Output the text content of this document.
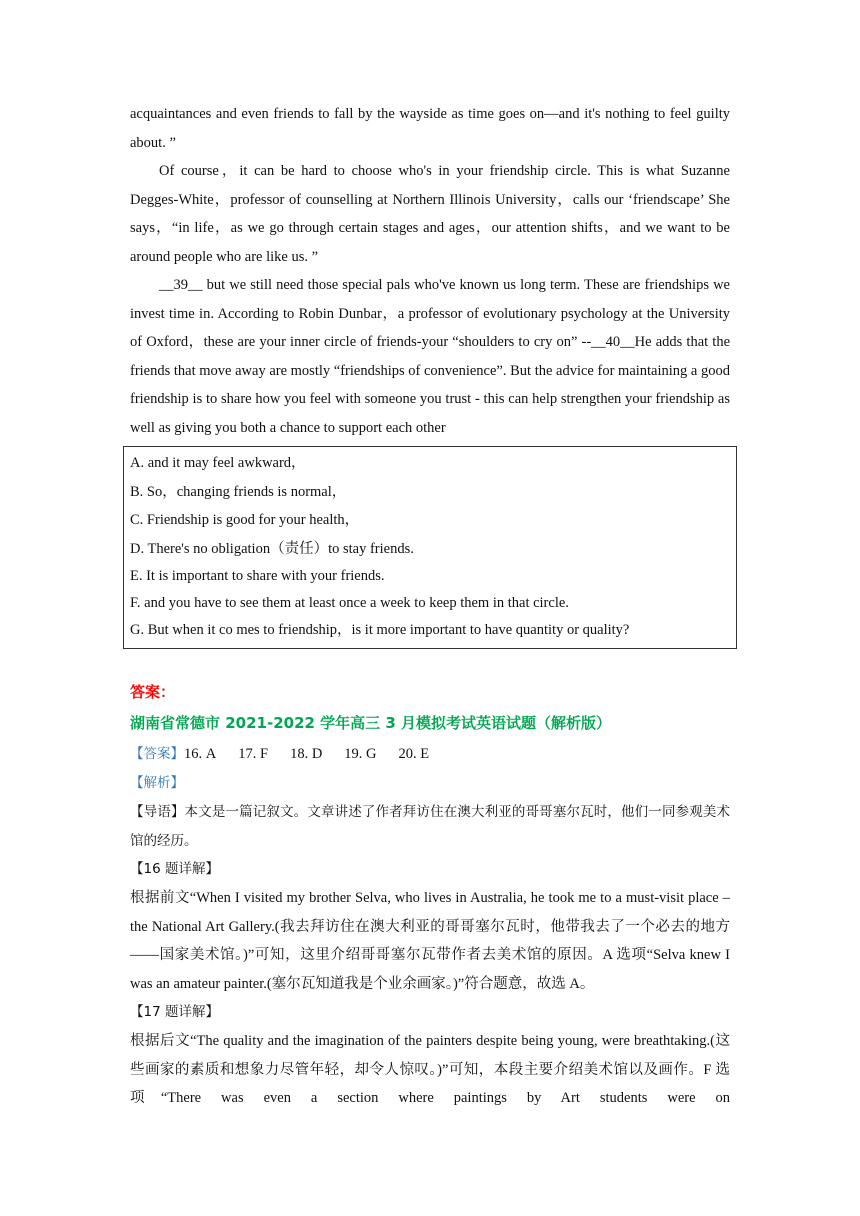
acquaintances and even friends to fall by the wayside as time goes on—and it's nothing to feel guilty about. ”

Of course，it can be hard to choose who's in your friendship circle. This is what Suzanne Degges-White，professor of counselling at Northern Illinois University，calls our ‘friendscape’ She says，“in life，as we go through certain stages and ages，our attention shifts，and we want to be around people who are like us. ”

__39__ but we still need those special pals who've known us long term. These are friendships we invest time in. According to Robin Dunbar，a professor of evolutionary psychology at the University of Oxford，these are your inner circle of friends-your “shoulders to cry on” --__40__He adds that the friends that move away are mostly “friendships of convenience”. But the advice for maintaining a good friendship is to share how you feel with someone you trust - this can help strengthen your friendship as well as giving you both a chance to support each other

A. and it may feel awkward，
B. So，changing friends is normal，
C. Friendship is good for your health，
D. There's no obligation（责任）to stay friends.
E. It is important to share with your friends.
F. and you have to see them at least once a week to keep them in that circle.
G. But when it co mes to friendship，is it more important to have quantity or quality?
答案：
湖南省常德市 2021-2022 学年高三 3 月模拟考试英语试题（解析版）
【答案】16. A 17. F 18. D 19. G 20. E
【解析】

【导语】本文是一篇记叙文。文章讲述了作者拜访住在澳大利亚的哥哥塞尔瓦时，他们一同参观美术馆的经历。

【16 题详解】

根据前文“When I visited my brother Selva, who lives in Australia, he took me to a must-visit place – the National Art Gallery.(我去拜访住在澳大利亚的哥哥塞尔瓦时，他带我去了一个必去的地方——国家美术馆。)”可知，这里介绍哥哥塞尔瓦带作者去美术馆的原因。A 选项“Selva knew I was an amateur painter.(塞尔瓦知道我是个业余画家。)”符合题意，故选 A。

【17 题详解】

根据后文“The quality and the imagination of the painters despite being young, were breathtaking.(这些画家的素质和想象力尽管年轻，却令人惊叹。)”可知，本段主要介绍美术馆以及画作。F 选项“There was even a section where paintings by Art students were on
